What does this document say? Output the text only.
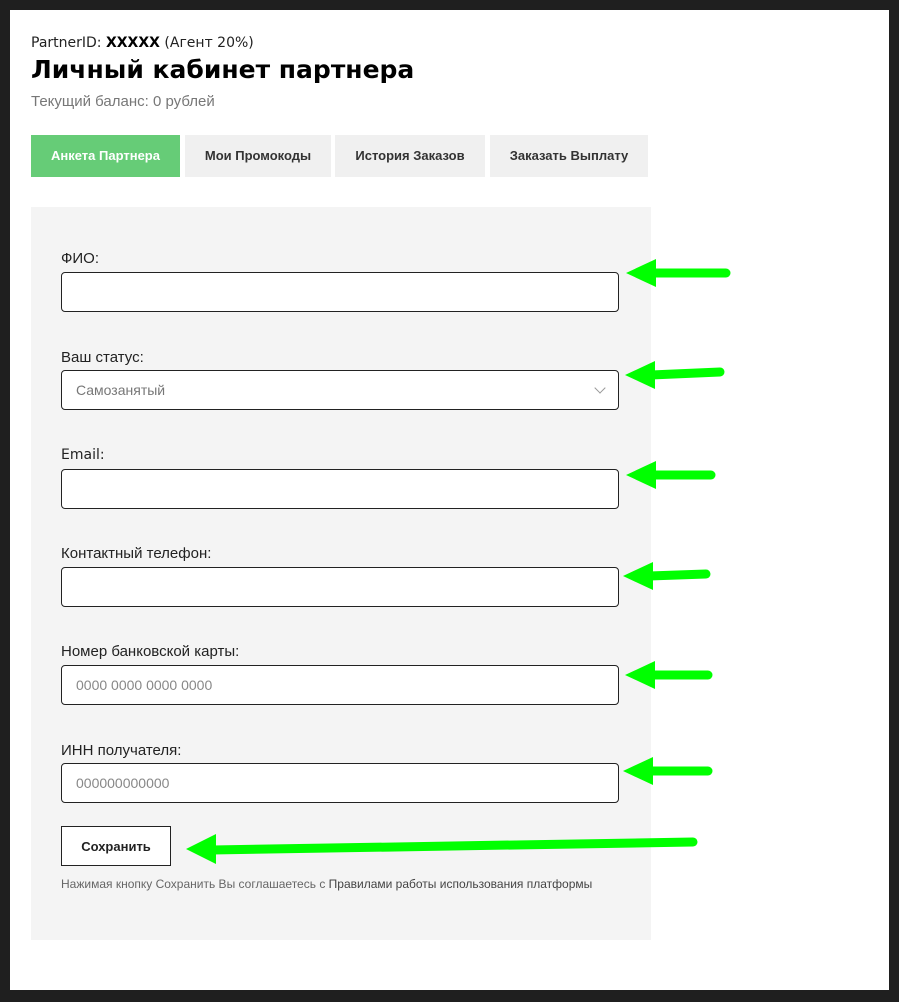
PartnerID: XXXXX (Агент 20%)
Личный кабинет партнера
Текущий баланс: 0 рублей
Анкета Партнера	Мои Промокоды	История Заказов	Заказать Выплату
ФИО:
Ваш статус:
Самозанятый
Email:
Контактный телефон:
Номер банковской карты:
0000 0000 0000 0000
ИНН получателя:
000000000000
Сохранить
Нажимая кнопку Сохранить Вы соглашаетесь с Правилами работы использования платформы
